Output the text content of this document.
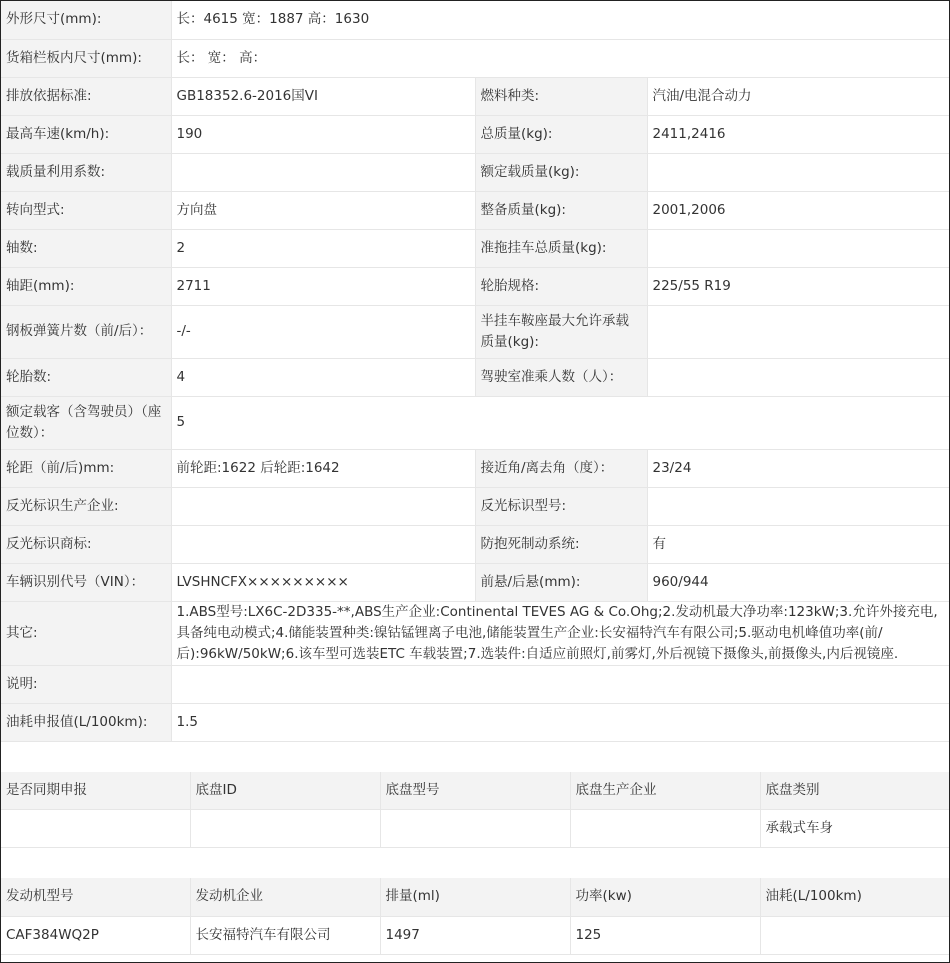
外形尺寸(mm):	长：4615 宽：1887 高：1630		
货箱栏板内尺寸(mm):	长： 宽： 高：		
排放依据标准:	GB18352.6-2016国VI	燃料种类:	汽油/电混合动力
最高车速(km/h):	190	总质量(kg):	2411,2416
载质量利用系数:		额定载质量(kg):	
转向型式:	方向盘	整备质量(kg):	2001,2006
轴数:	2	准拖挂车总质量(kg):	
轴距(mm):	2711	轮胎规格:	225/55 R19
钢板弹簧片数（前/后）：	-/-	半挂车鞍座最大允许承载质量(kg):	
轮胎数:	4	驾驶室准乘人数（人）：	
额定载客（含驾驶员）（座位数）：	5		
轮距（前/后)mm:	前轮距:1622 后轮距:1642	接近角/离去角（度）：	23/24
反光标识生产企业:		反光标识型号:	
反光标识商标:		防抱死制动系统:	有
车辆识别代号（VIN）：	LVSHNCFX×××××××××	前悬/后悬(mm):	960/944
其它:	1.ABS型号:LX6C-2D335-**,ABS生产企业:Continental TEVES AG & Co.Ohg;2.发动机最大净功率:123kW;3.允许外接充电,具备纯电动模式;4.储能装置种类:镍钴锰锂离子电池,储能装置生产企业:长安福特汽车有限公司;5.驱动电机峰值功率(前/后):96kW/50kW;6.该车型可选装ETC 车载装置;7.选装件:自适应前照灯,前雾灯,外后视镜下摄像头,前摄像头,内后视镜座.		
说明:			
油耗申报值(L/100km):	1.5		
是否同期申报	底盘ID	底盘型号	底盘生产企业	底盘类别
				承载式车身
发动机型号	发动机企业	排量(ml)	功率(kw)	油耗(L/100km)
CAF384WQ2P	长安福特汽车有限公司	1497	125	
